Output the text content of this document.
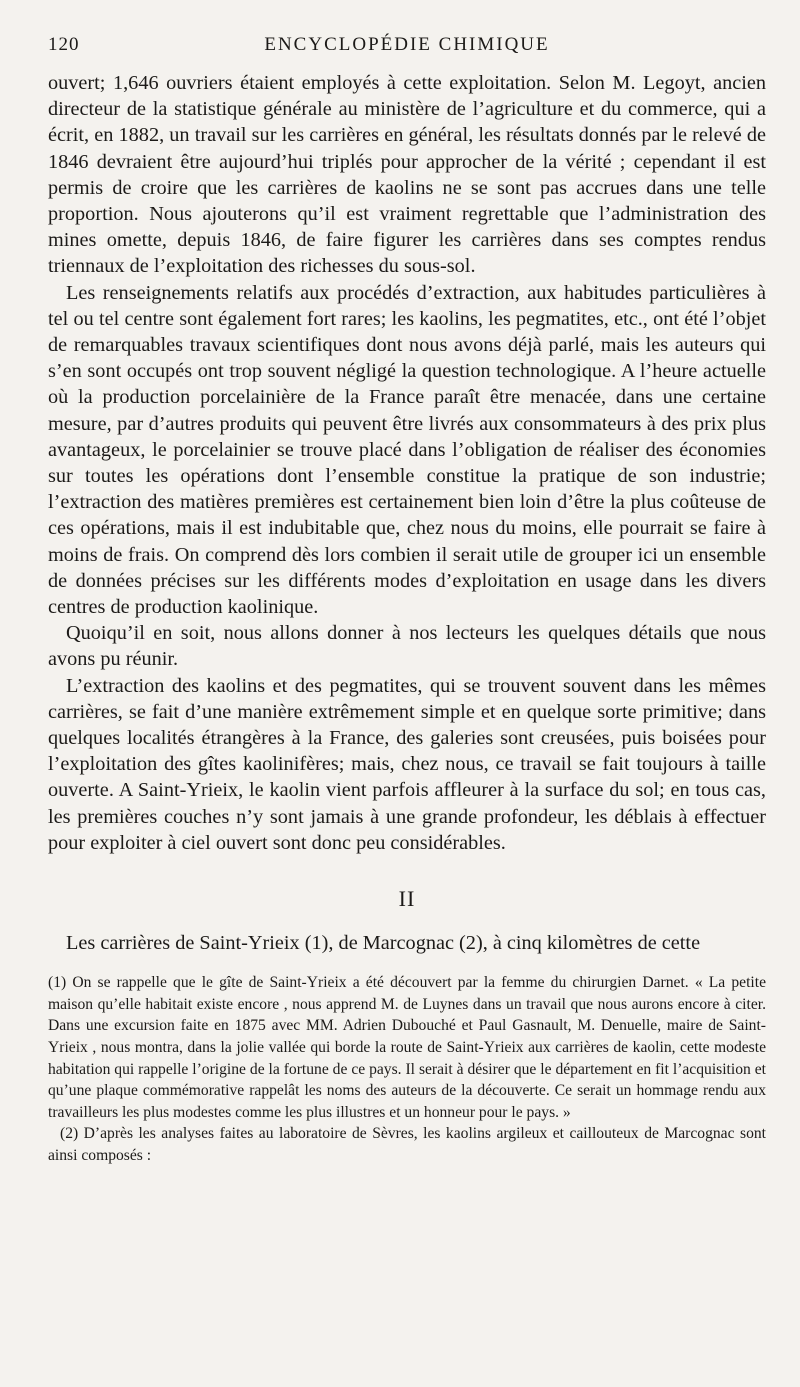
120	ENCYCLOPÉDIE CHIMIQUE

ouvert; 1,646 ouvriers étaient employés à cette exploitation. Selon M. Legoyt, ancien directeur de la statistique générale au ministère de l’agriculture et du commerce, qui a écrit, en 1882, un travail sur les carrières en général, les résultats donnés par le relevé de 1846 devraient être aujourd’hui triplés pour approcher de la vérité ; cependant il est permis de croire que les carrières de kaolins ne se sont pas accrues dans une telle proportion. Nous ajouterons qu’il est vraiment regrettable que l’administration des mines omette, depuis 1846, de faire figurer les carrières dans ses comptes rendus triennaux de l’exploitation des richesses du sous-sol.

Les renseignements relatifs aux procédés d’extraction, aux habitudes particulières à tel ou tel centre sont également fort rares; les kaolins, les pegmatites, etc., ont été l’objet de remarquables travaux scientifiques dont nous avons déjà parlé, mais les auteurs qui s’en sont occupés ont trop souvent négligé la question technologique. A l’heure actuelle où la production porcelainière de la France paraît être menacée, dans une certaine mesure, par d’autres produits qui peuvent être livrés aux consommateurs à des prix plus avantageux, le porcelainier se trouve placé dans l’obligation de réaliser des économies sur toutes les opérations dont l’ensemble constitue la pratique de son industrie; l’extraction des matières premières est certainement bien loin d’être la plus coûteuse de ces opérations, mais il est indubitable que, chez nous du moins, elle pourrait se faire à moins de frais. On comprend dès lors combien il serait utile de grouper ici un ensemble de données précises sur les différents modes d’exploitation en usage dans les divers centres de production kaolinique.

Quoiqu’il en soit, nous allons donner à nos lecteurs les quelques détails que nous avons pu réunir.

L’extraction des kaolins et des pegmatites, qui se trouvent souvent dans les mêmes carrières, se fait d’une manière extrêmement simple et en quelque sorte primitive; dans quelques localités étrangères à la France, des galeries sont creusées, puis boisées pour l’exploitation des gîtes kaolinifères; mais, chez nous, ce travail se fait toujours à taille ouverte. A Saint-Yrieix, le kaolin vient parfois affleurer à la surface du sol; en tous cas, les premières couches n’y sont jamais à une grande profondeur, les déblais à effectuer pour exploiter à ciel ouvert sont donc peu considérables.

II

Les carrières de Saint-Yrieix (1), de Marcognac (2), à cinq kilomètres de cette

(1) On se rappelle que le gîte de Saint-Yrieix a été découvert par la femme du chirurgien Darnet. « La petite maison qu’elle habitait existe encore , nous apprend M. de Luynes dans un travail que nous aurons encore à citer. Dans une excursion faite en 1875 avec MM. Adrien Dubouché et Paul Gasnault, M. Denuelle, maire de Saint-Yrieix , nous montra, dans la jolie vallée qui borde la route de Saint-Yrieix aux carrières de kaolin, cette modeste habitation qui rappelle l’origine de la fortune de ce pays. Il serait à désirer que le département en fit l’acquisition et qu’une plaque commémorative rappelât les noms des auteurs de la découverte. Ce serait un hommage rendu aux travailleurs les plus modestes comme les plus illustres et un honneur pour le pays. »

(2) D’après les analyses faites au laboratoire de Sèvres, les kaolins argileux et caillouteux de Marcognac sont ainsi composés :
